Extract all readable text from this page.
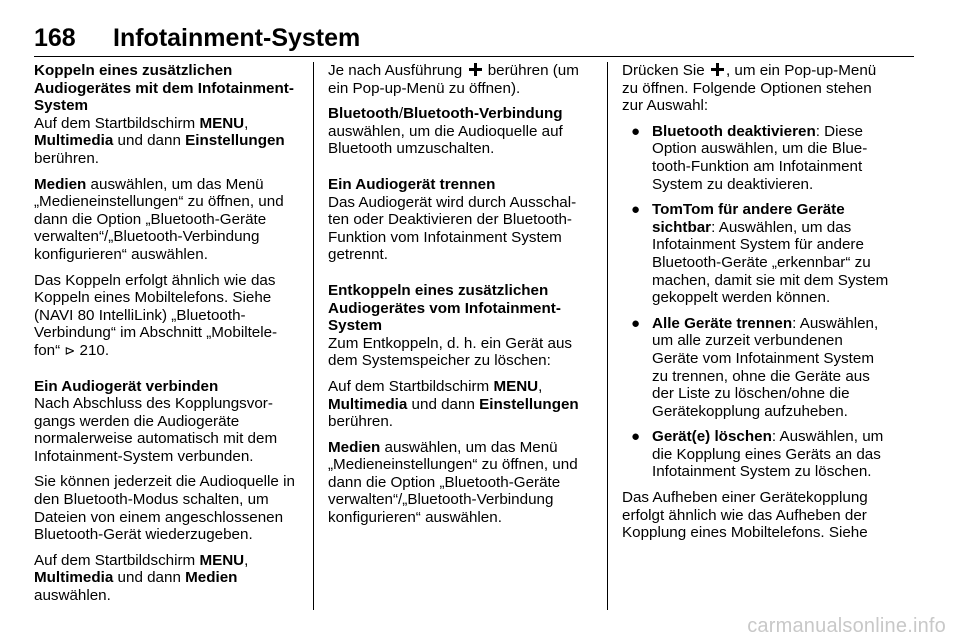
168 Infotainment-System
Koppeln eines zusätzlichen Audiogerätes mit dem Infotainment-System

Auf dem Startbildschirm MENU,
Multimedia und dann Einstellungen berühren.

Medien auswählen, um das Menü „Medieneinstellungen“ zu öffnen, und dann die Option „Bluetooth-Geräte verwalten“/„Bluetooth-Verbindung konfigurieren“ auswählen.

Das Koppeln erfolgt ähnlich wie das Koppeln eines Mobiltelefons. Siehe (NAVI 80 IntelliLink) „Bluetooth-Verbindung“ im Abschnitt „Mobiltele-fon“ ⊳ 210.

Ein Audiogerät verbinden

Nach Abschluss des Kopplungsvor-gangs werden die Audiogeräte normalerweise automatisch mit dem Infotainment-System verbunden.

Sie können jederzeit die Audioquelle in den Bluetooth-Modus schalten, um Dateien von einem angeschlossenen Bluetooth-Gerät wiederzugeben.

Auf dem Startbildschirm MENU,
Multimedia und dann Medien
auswählen.

Je nach Ausführung  berühren (um ein Pop-up-Menü zu öffnen).

Bluetooth/Bluetooth-Verbindung auswählen, um die Audioquelle auf Bluetooth umzuschalten.

Ein Audiogerät trennen

Das Audiogerät wird durch Ausschal-ten oder Deaktivieren der Bluetooth-Funktion vom Infotainment System getrennt.

Entkoppeln eines zusätzlichen Audiogerätes vom Infotainment-System

Zum Entkoppeln, d. h. ein Gerät aus dem Systemspeicher zu löschen:

Auf dem Startbildschirm MENU,
Multimedia und dann Einstellungen
berühren.

Medien auswählen, um das Menü „Medieneinstellungen“ zu öffnen, und dann die Option „Bluetooth-Geräte verwalten“/„Bluetooth-Verbindung konfigurieren“ auswählen.

Drücken Sie , um ein Pop-up-Menü zu öffnen. Folgende Optionen stehen zur Auswahl:

● Bluetooth deaktivieren: Diese Option auswählen, um die Blue-tooth-Funktion am Infotainment System zu deaktivieren.
● TomTom für andere Geräte sichtbar: Auswählen, um das Infotainment System für andere Bluetooth-Geräte „erkennbar“ zu machen, damit sie mit dem System gekoppelt werden können.
● Alle Geräte trennen: Auswählen, um alle zurzeit verbundenen Geräte vom Infotainment System zu trennen, ohne die Geräte aus der Liste zu löschen/ohne die Gerätekopplung aufzuheben.
● Gerät(e) löschen: Auswählen, um die Kopplung eines Geräts an das Infotainment System zu löschen.

Das Aufheben einer Gerätekopplung erfolgt ähnlich wie das Aufheben der Kopplung eines Mobiltelefons. Siehe

carmanualsonline.info
